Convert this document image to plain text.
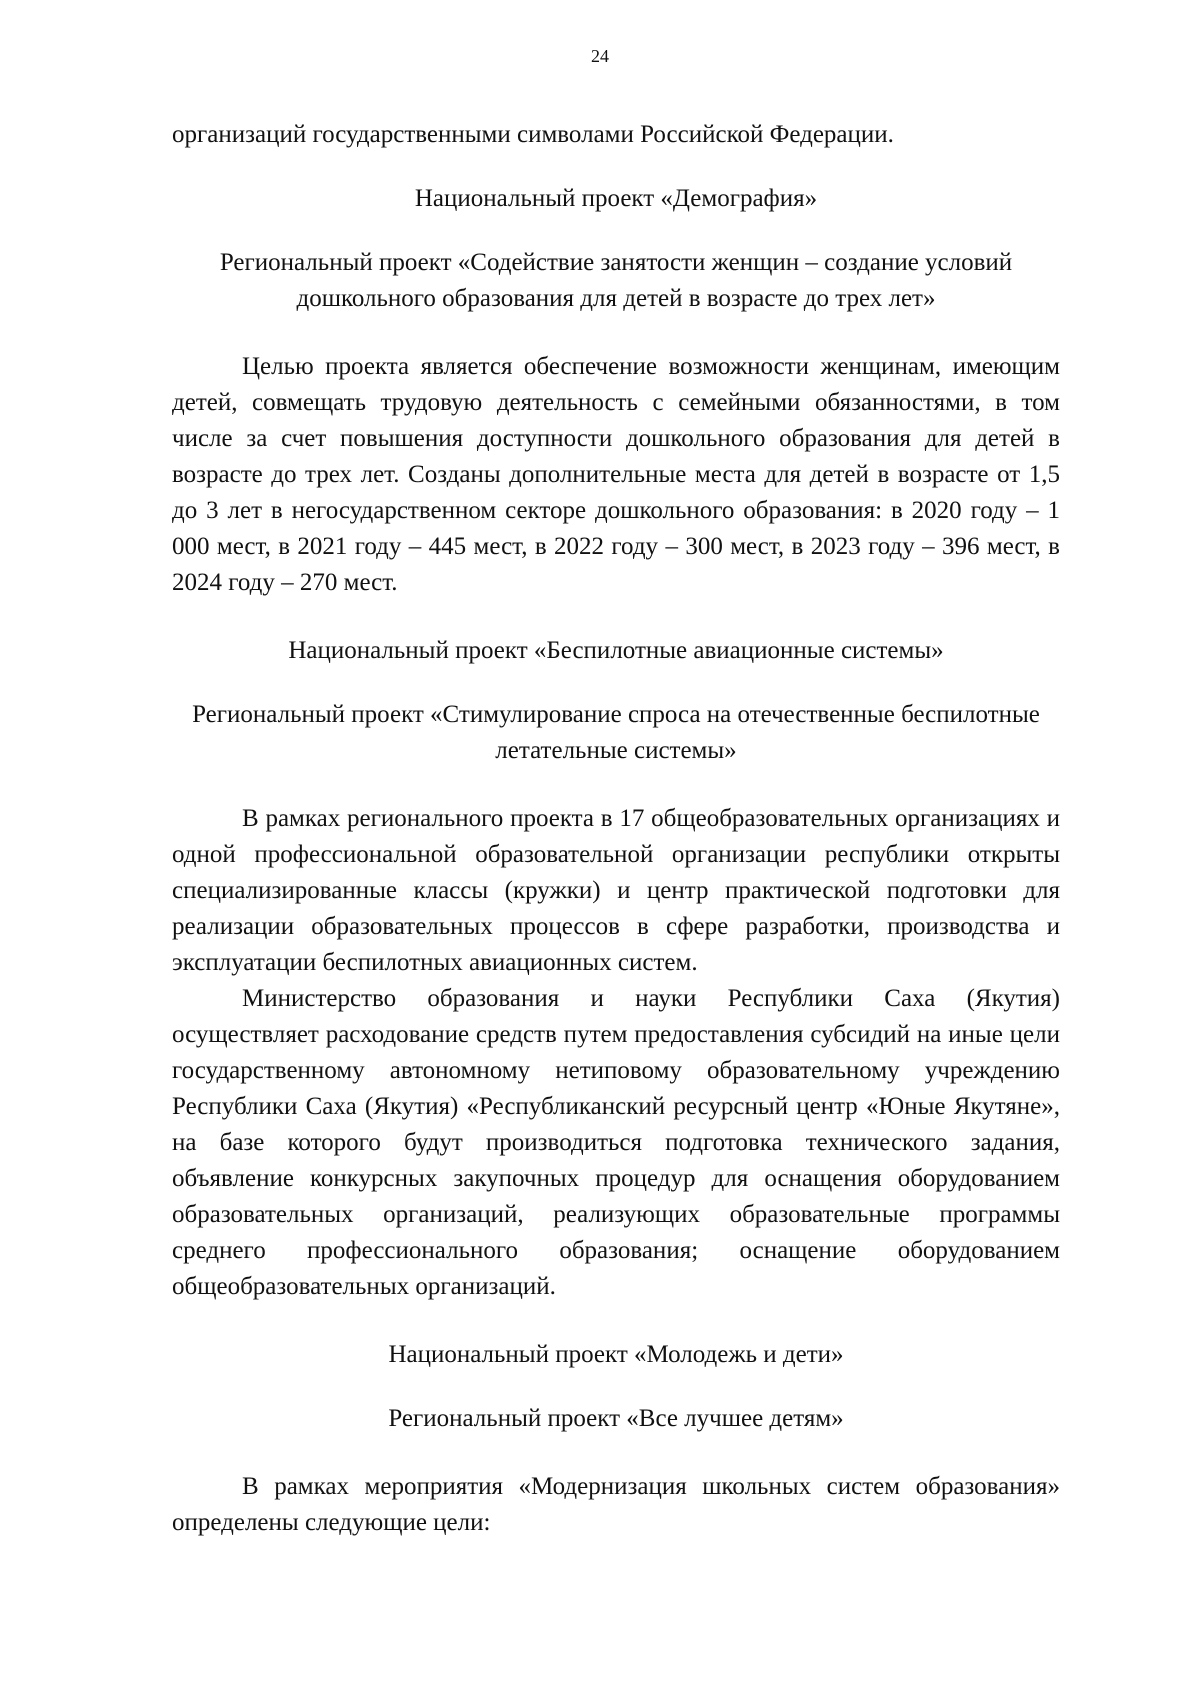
24

организаций государственными символами Российской Федерации.

Национальный проект «Демография»

Региональный проект «Содействие занятости женщин – создание условий дошкольного образования для детей в возрасте до трех лет»

Целью проекта является обеспечение возможности женщинам, имеющим детей, совмещать трудовую деятельность с семейными обязанностями, в том числе за счет повышения доступности дошкольного образования для детей в возрасте до трех лет. Созданы дополнительные места для детей в возрасте от 1,5 до 3 лет в негосударственном секторе дошкольного образования: в 2020 году – 1 000 мест, в 2021 году – 445 мест, в 2022 году – 300 мест, в 2023 году – 396 мест, в 2024 году – 270 мест.

Национальный проект «Беспилотные авиационные системы»

Региональный проект «Стимулирование спроса на отечественные беспилотные летательные системы»

В рамках регионального проекта в 17 общеобразовательных организациях и одной профессиональной образовательной организации республики открыты специализированные классы (кружки) и центр практической подготовки для реализации образовательных процессов в сфере разработки, производства и эксплуатации беспилотных авиационных систем.

Министерство образования и науки Республики Саха (Якутия) осуществляет расходование средств путем предоставления субсидий на иные цели государственному автономному нетиповому образовательному учреждению Республики Саха (Якутия) «Республиканский ресурсный центр «Юные Якутяне», на базе которого будут производиться подготовка технического задания, объявление конкурсных закупочных процедур для оснащения оборудованием образовательных организаций, реализующих образовательные программы среднего профессионального образования; оснащение оборудованием общеобразовательных организаций.

Национальный проект «Молодежь и дети»

Региональный проект «Все лучшее детям»

В рамках мероприятия «Модернизация школьных систем образования» определены следующие цели:
